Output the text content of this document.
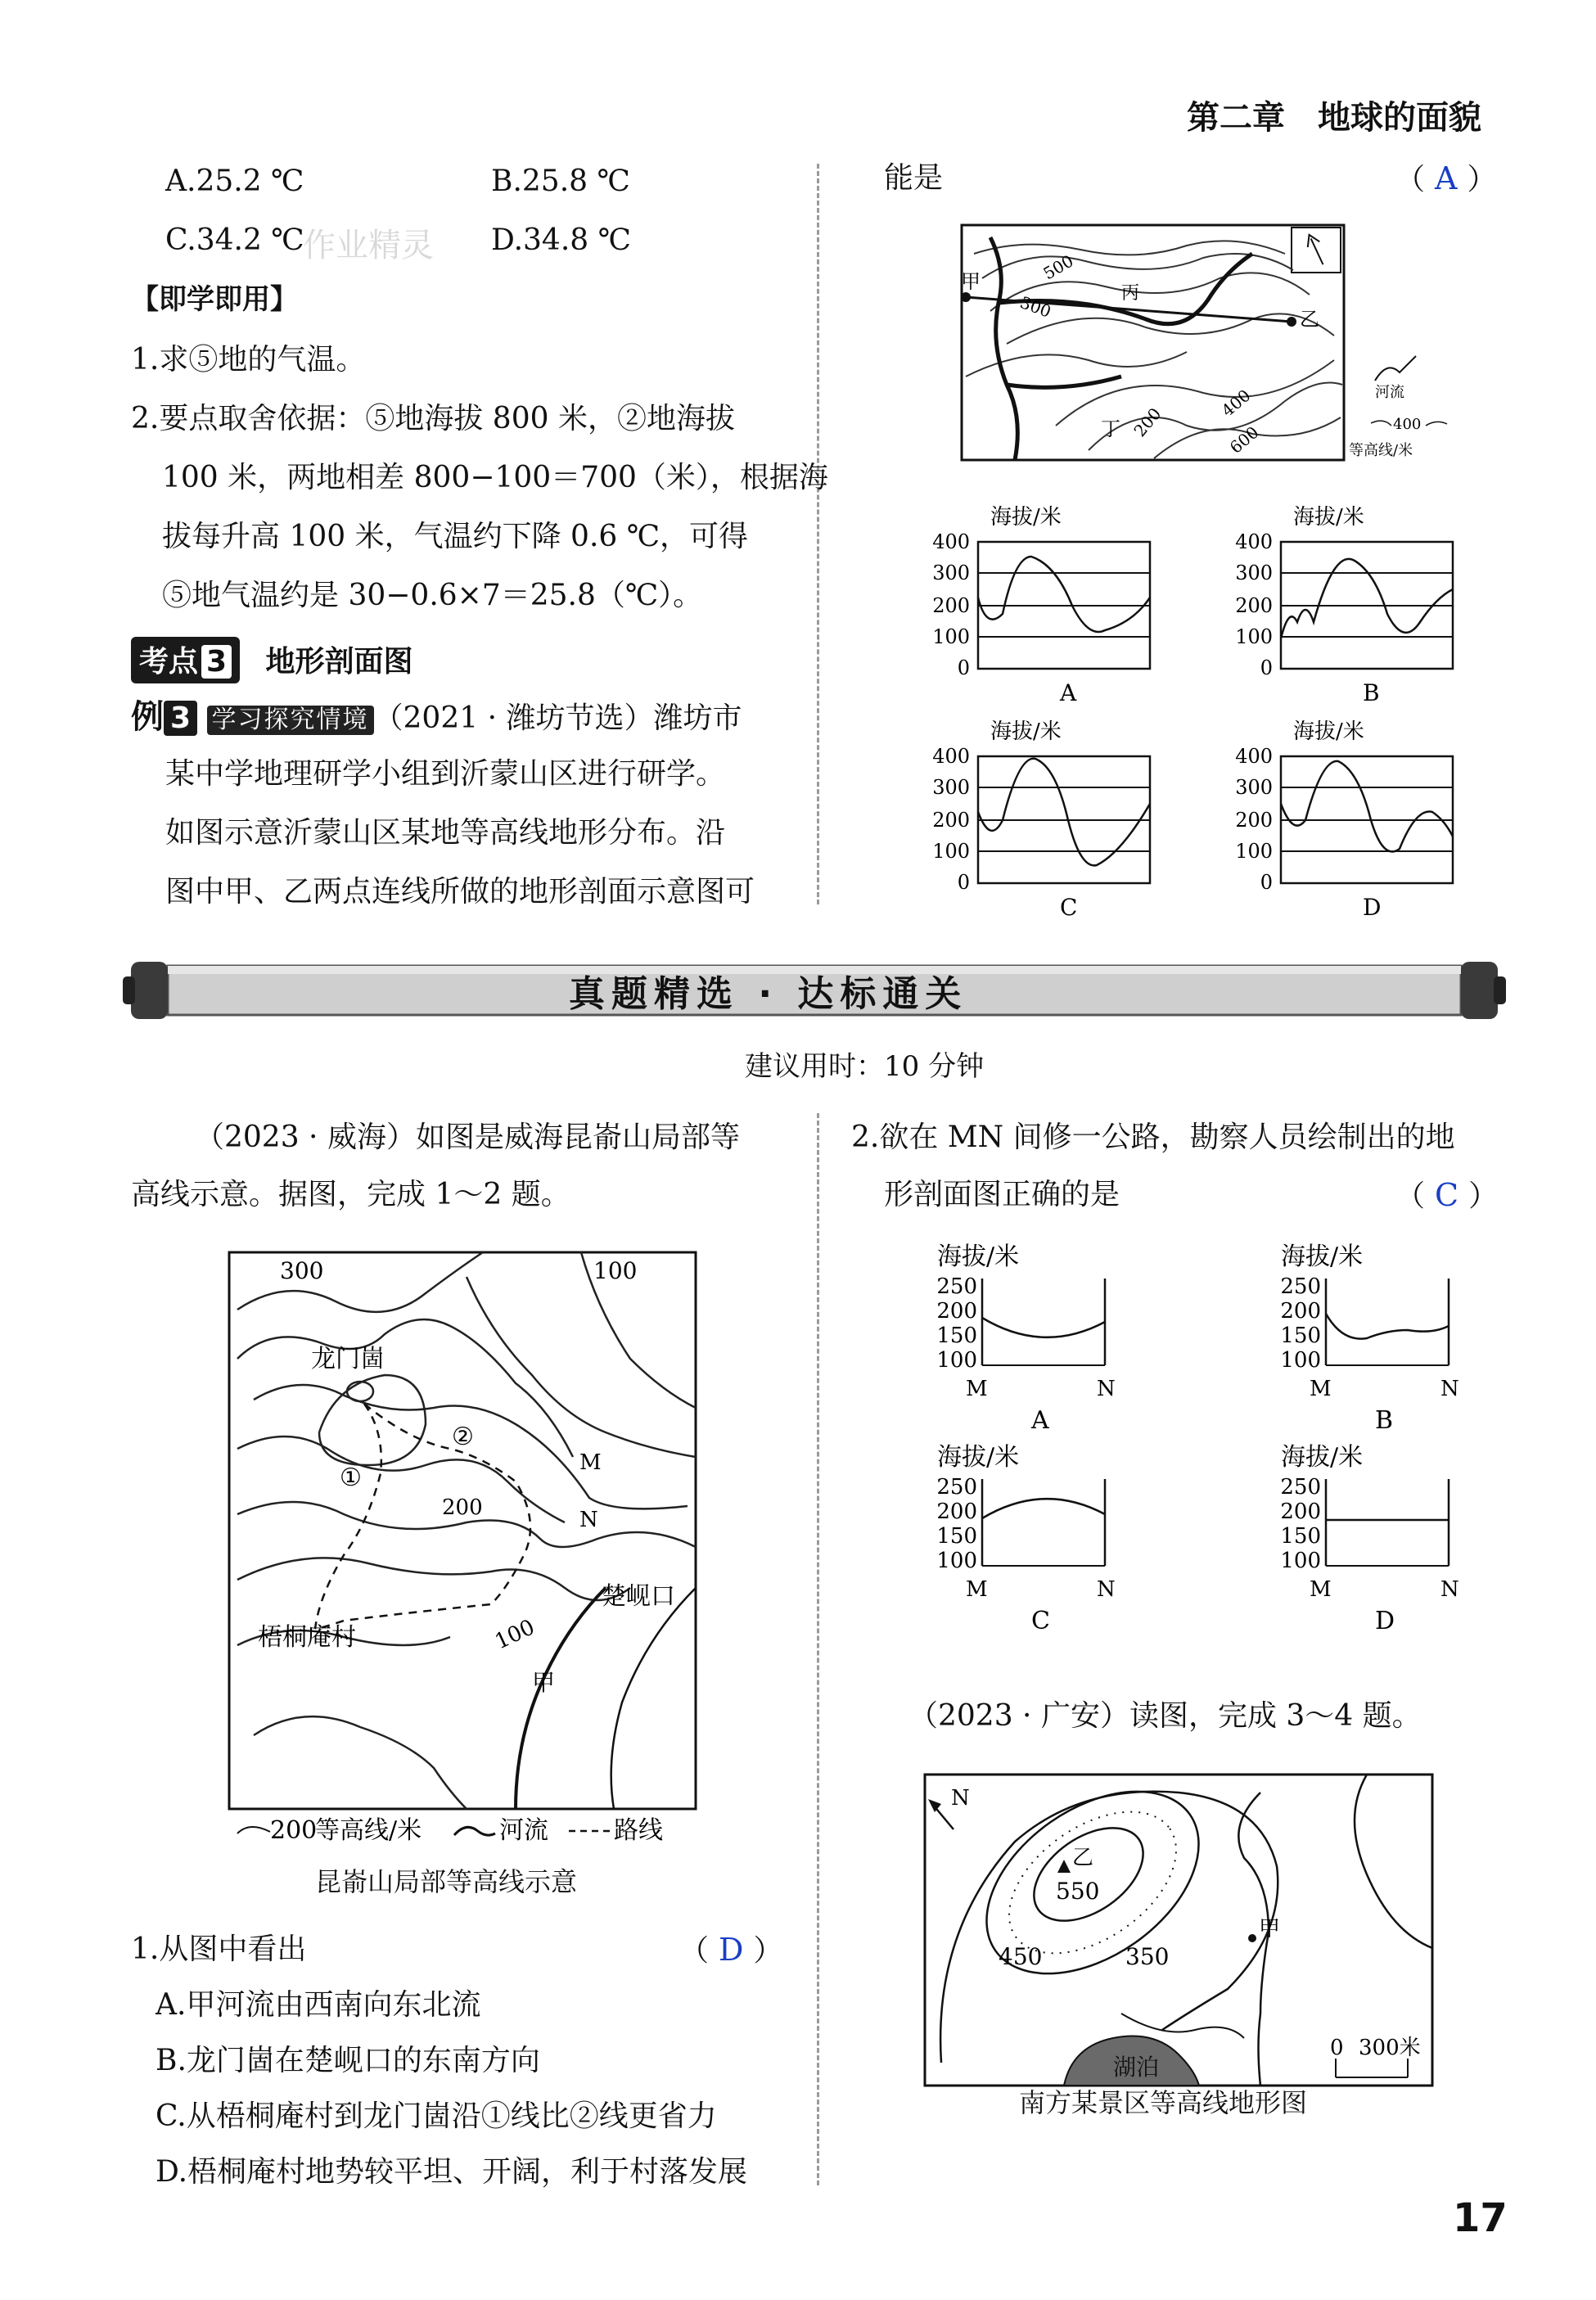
第二章　地球的面貌
A.25.2 ℃	B.25.8 ℃
C.34.2 ℃	D.34.8 ℃
作业精灵
【即学即用】
1.求⑤地的气温。
2.要点取舍依据：⑤地海拔 800 米，②地海拔
100 米，两地相差 800−100＝700（米），根据海
拔每升高 100 米，气温约下降 0.6 ℃，可得
⑤地气温约是 30−0.6×7＝25.8（℃）。
考点 3 地形剖面图
例 3 学习探究情境 （2021 · 潍坊节选）潍坊市
某中学地理研学小组到沂蒙山区进行研学。
如图示意沂蒙山区某地等高线地形分布。沿
图中甲、乙两点连线所做的地形剖面示意图可
能是	（ A ）
甲
乙
丙
丁
500
300
200
400
600
河流
400
等高线/米
海拔/米
400
300
200
100
0
A
海拔/米
400
300
200
100
0
B
海拔/米
400
300
200
100
0
C
海拔/米
400
300
200
100
0
D
真题精选 · 达标通关
建议用时：10 分钟
（2023 · 威海）如图是威海昆嵛山局部等
高线示意。据图，完成 1～2 题。
300	100
龙门崮
②
①
M
N
200
楚岘口
梧桐庵村	100
甲
200
等高线/米	河流	路线
昆嵛山局部等高线示意
1.从图中看出	（ D ）
A.甲河流由西南向东北流
B.龙门崮在楚岘口的东南方向
C.从梧桐庵村到龙门崮沿①线比②线更省力
D.梧桐庵村地势较平坦、开阔，利于村落发展
2.欲在 MN 间修一公路，勘察人员绘制出的地
形剖面图正确的是	（ C ）
海拔/米
250
200
150
100
M	N
A
海拔/米
250
200
150
100
M	N
B
海拔/米
250
200
150
100
M	N
C
海拔/米
250
200
150
100
M	N
D
（2023 · 广安）读图，完成 3～4 题。
N
乙
550
450	350
甲
湖泊
0 300米
南方某景区等高线地形图
17
